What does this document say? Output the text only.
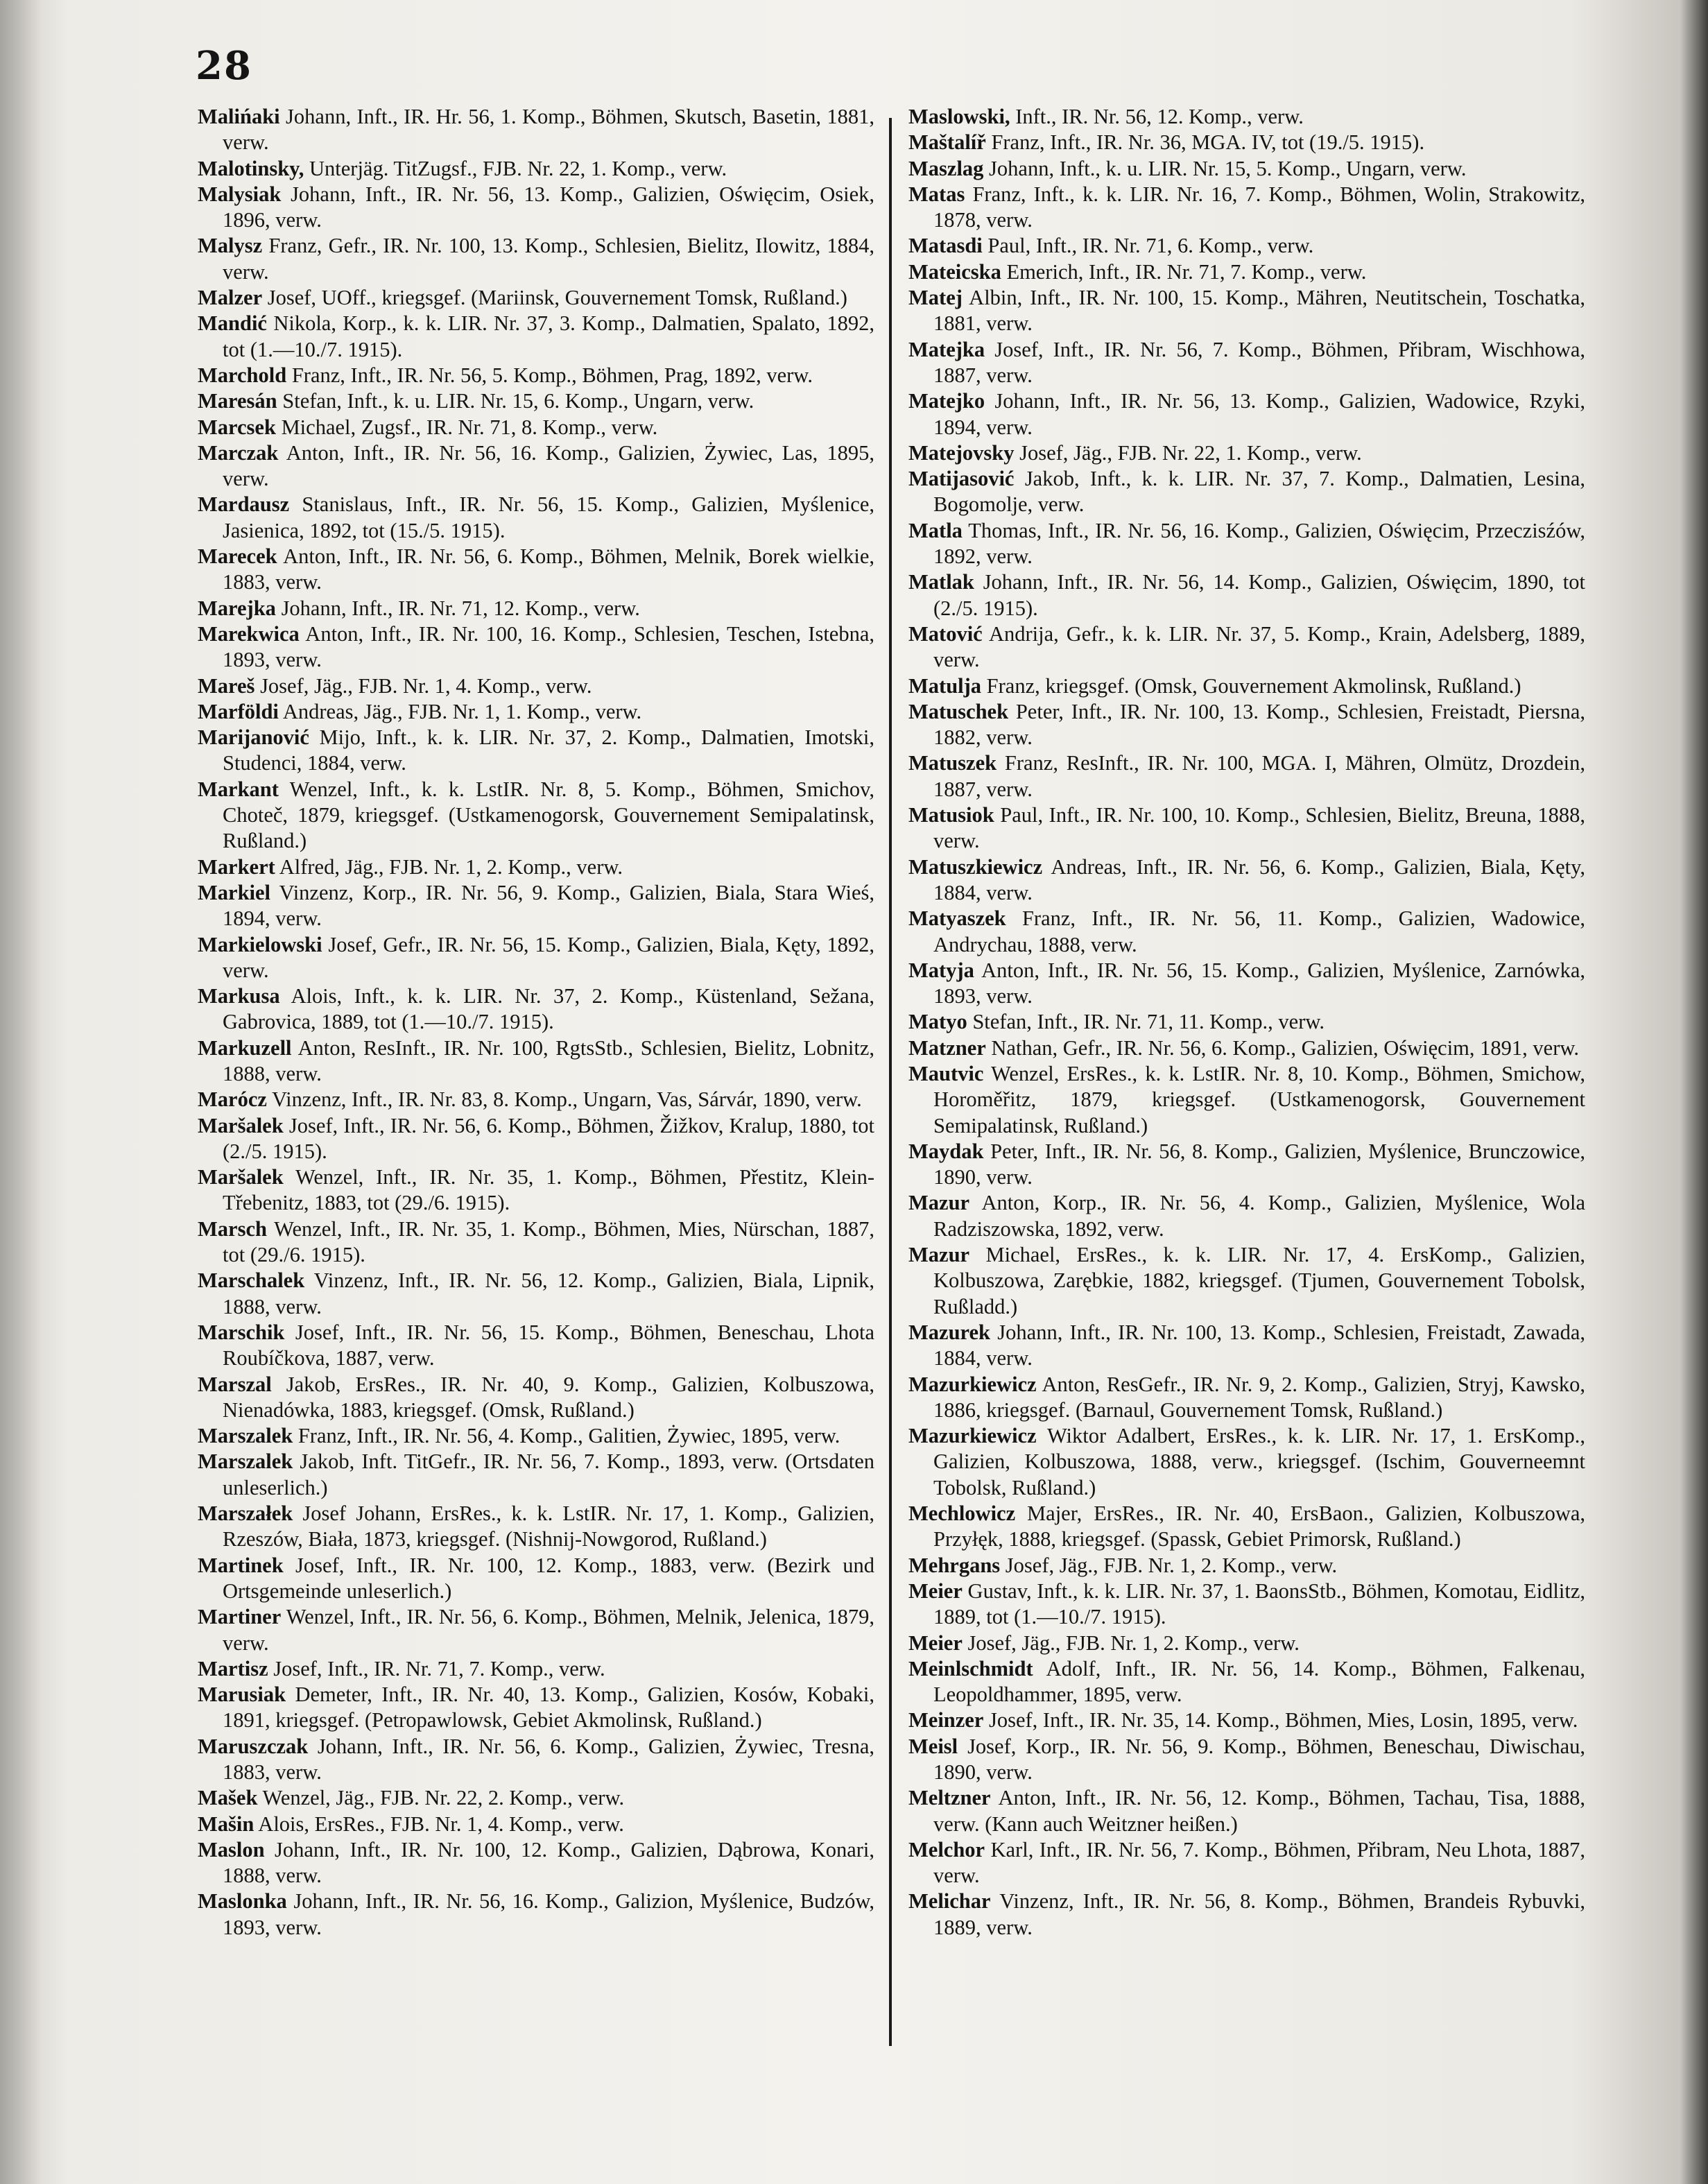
28

Malińaki Johann, Inft., IR. Hr. 56, 1. Komp., Böhmen, Skutsch, Basetin, 1881, verw.

Malotinsky, Unterjäg. TitZugsf., FJB. Nr. 22, 1. Komp., verw.

Malysiak Johann, Inft., IR. Nr. 56, 13. Komp., Galizien, Oświęcim, Osiek, 1896, verw.

Malysz Franz, Gefr., IR. Nr. 100, 13. Komp., Schlesien, Bielitz, Ilowitz, 1884, verw.

Malzer Josef, UOff., kriegsgef. (Mariinsk, Gouvernement Tomsk, Rußland.)

Mandić Nikola, Korp., k. k. LIR. Nr. 37, 3. Komp., Dalmatien, Spalato, 1892, tot (1.—10./7. 1915).

Marchold Franz, Inft., IR. Nr. 56, 5. Komp., Böhmen, Prag, 1892, verw.

Maresán Stefan, Inft., k. u. LIR. Nr. 15, 6. Komp., Ungarn, verw.

Marcsek Michael, Zugsf., IR. Nr. 71, 8. Komp., verw.

Marczak Anton, Inft., IR. Nr. 56, 16. Komp., Galizien, Żywiec, Las, 1895, verw.

Mardausz Stanislaus, Inft., IR. Nr. 56, 15. Komp., Galizien, Myślenice, Jasienica, 1892, tot (15./5. 1915).

Marecek Anton, Inft., IR. Nr. 56, 6. Komp., Böhmen, Melnik, Borek wielkie, 1883, verw.

Marejka Johann, Inft., IR. Nr. 71, 12. Komp., verw.

Marekwica Anton, Inft., IR. Nr. 100, 16. Komp., Schlesien, Teschen, Istebna, 1893, verw.

Mareš Josef, Jäg., FJB. Nr. 1, 4. Komp., verw.

Marföldi Andreas, Jäg., FJB. Nr. 1, 1. Komp., verw.

Marijanović Mijo, Inft., k. k. LIR. Nr. 37, 2. Komp., Dalmatien, Imotski, Studenci, 1884, verw.

Markant Wenzel, Inft., k. k. LstIR. Nr. 8, 5. Komp., Böhmen, Smichov, Choteč, 1879, kriegsgef. (Ustkamenogorsk, Gouvernement Semipalatinsk, Rußland.)

Markert Alfred, Jäg., FJB. Nr. 1, 2. Komp., verw.

Markiel Vinzenz, Korp., IR. Nr. 56, 9. Komp., Galizien, Biala, Stara Wieś, 1894, verw.

Markielowski Josef, Gefr., IR. Nr. 56, 15. Komp., Galizien, Biala, Kęty, 1892, verw.

Markusa Alois, Inft., k. k. LIR. Nr. 37, 2. Komp., Küstenland, Sežana, Gabrovica, 1889, tot (1.—10./7. 1915).

Markuzell Anton, ResInft., IR. Nr. 100, RgtsStb., Schlesien, Bielitz, Lobnitz, 1888, verw.

Marócz Vinzenz, Inft., IR. Nr. 83, 8. Komp., Ungarn, Vas, Sárvár, 1890, verw.

Maršalek Josef, Inft., IR. Nr. 56, 6. Komp., Böhmen, Žižkov, Kralup, 1880, tot (2./5. 1915).

Maršalek Wenzel, Inft., IR. Nr. 35, 1. Komp., Böhmen, Přestitz, Klein-Třebenitz, 1883, tot (29./6. 1915).

Marsch Wenzel, Inft., IR. Nr. 35, 1. Komp., Böhmen, Mies, Nürschan, 1887, tot (29./6. 1915).

Marschalek Vinzenz, Inft., IR. Nr. 56, 12. Komp., Galizien, Biala, Lipnik, 1888, verw.

Marschik Josef, Inft., IR. Nr. 56, 15. Komp., Böhmen, Beneschau, Lhota Roubíčkova, 1887, verw.

Marszal Jakob, ErsRes., IR. Nr. 40, 9. Komp., Galizien, Kolbuszowa, Nienadówka, 1883, kriegsgef. (Omsk, Rußland.)

Marszalek Franz, Inft., IR. Nr. 56, 4. Komp., Galitien, Żywiec, 1895, verw.

Marszalek Jakob, Inft. TitGefr., IR. Nr. 56, 7. Komp., 1893, verw. (Ortsdaten unleserlich.)

Marszałek Josef Johann, ErsRes., k. k. LstIR. Nr. 17, 1. Komp., Galizien, Rzeszów, Biała, 1873, kriegsgef. (Nishnij-Nowgorod, Rußland.)

Martinek Josef, Inft., IR. Nr. 100, 12. Komp., 1883, verw. (Bezirk und Ortsgemeinde unleserlich.)

Martiner Wenzel, Inft., IR. Nr. 56, 6. Komp., Böhmen, Melnik, Jelenica, 1879, verw.

Martisz Josef, Inft., IR. Nr. 71, 7. Komp., verw.

Marusiak Demeter, Inft., IR. Nr. 40, 13. Komp., Galizien, Kosów, Kobaki, 1891, kriegsgef. (Petropawlowsk, Gebiet Akmolinsk, Rußland.)

Maruszczak Johann, Inft., IR. Nr. 56, 6. Komp., Galizien, Żywiec, Tresna, 1883, verw.

Mašek Wenzel, Jäg., FJB. Nr. 22, 2. Komp., verw.

Mašin Alois, ErsRes., FJB. Nr. 1, 4. Komp., verw.

Maslon Johann, Inft., IR. Nr. 100, 12. Komp., Galizien, Dąbrowa, Konari, 1888, verw.

Maslonka Johann, Inft., IR. Nr. 56, 16. Komp., Galizion, Myślenice, Budzów, 1893, verw.

Maslowski, Inft., IR. Nr. 56, 12. Komp., verw.

Maštalíř Franz, Inft., IR. Nr. 36, MGA. IV, tot (19./5. 1915).

Maszlag Johann, Inft., k. u. LIR. Nr. 15, 5. Komp., Ungarn, verw.

Matas Franz, Inft., k. k. LIR. Nr. 16, 7. Komp., Böhmen, Wolin, Strakowitz, 1878, verw.

Matasdi Paul, Inft., IR. Nr. 71, 6. Komp., verw.

Mateicska Emerich, Inft., IR. Nr. 71, 7. Komp., verw.

Matej Albin, Inft., IR. Nr. 100, 15. Komp., Mähren, Neutitschein, Toschatka, 1881, verw.

Matejka Josef, Inft., IR. Nr. 56, 7. Komp., Böhmen, Přibram, Wischhowa, 1887, verw.

Matejko Johann, Inft., IR. Nr. 56, 13. Komp., Galizien, Wadowice, Rzyki, 1894, verw.

Matejovsky Josef, Jäg., FJB. Nr. 22, 1. Komp., verw.

Matijasović Jakob, Inft., k. k. LIR. Nr. 37, 7. Komp., Dalmatien, Lesina, Bogomolje, verw.

Matla Thomas, Inft., IR. Nr. 56, 16. Komp., Galizien, Oświęcim, Przeczisźów, 1892, verw.

Matlak Johann, Inft., IR. Nr. 56, 14. Komp., Galizien, Oświęcim, 1890, tot (2./5. 1915).

Matović Andrija, Gefr., k. k. LIR. Nr. 37, 5. Komp., Krain, Adelsberg, 1889, verw.

Matulja Franz, kriegsgef. (Omsk, Gouvernement Akmolinsk, Rußland.)

Matuschek Peter, Inft., IR. Nr. 100, 13. Komp., Schlesien, Freistadt, Piersna, 1882, verw.

Matuszek Franz, ResInft., IR. Nr. 100, MGA. I, Mähren, Olmütz, Drozdein, 1887, verw.

Matusiok Paul, Inft., IR. Nr. 100, 10. Komp., Schlesien, Bielitz, Breuna, 1888, verw.

Matuszkiewicz Andreas, Inft., IR. Nr. 56, 6. Komp., Galizien, Biala, Kęty, 1884, verw.

Matyaszek Franz, Inft., IR. Nr. 56, 11. Komp., Galizien, Wadowice, Andrychau, 1888, verw.

Matyja Anton, Inft., IR. Nr. 56, 15. Komp., Galizien, Myślenice, Zarnówka, 1893, verw.

Matyo Stefan, Inft., IR. Nr. 71, 11. Komp., verw.

Matzner Nathan, Gefr., IR. Nr. 56, 6. Komp., Galizien, Oświęcim, 1891, verw.

Mautvic Wenzel, ErsRes., k. k. LstIR. Nr. 8, 10. Komp., Böhmen, Smichow, Horoměřitz, 1879, kriegsgef. (Ustkamenogorsk, Gouvernement Semipalatinsk, Rußland.)

Maydak Peter, Inft., IR. Nr. 56, 8. Komp., Galizien, Myślenice, Brunczowice, 1890, verw.

Mazur Anton, Korp., IR. Nr. 56, 4. Komp., Galizien, Myślenice, Wola Radziszowska, 1892, verw.

Mazur Michael, ErsRes., k. k. LIR. Nr. 17, 4. ErsKomp., Galizien, Kolbuszowa, Zarębkie, 1882, kriegsgef. (Tjumen, Gouvernement Tobolsk, Rußladd.)

Mazurek Johann, Inft., IR. Nr. 100, 13. Komp., Schlesien, Freistadt, Zawada, 1884, verw.

Mazurkiewicz Anton, ResGefr., IR. Nr. 9, 2. Komp., Galizien, Stryj, Kawsko, 1886, kriegsgef. (Barnaul, Gouvernement Tomsk, Rußland.)

Mazurkiewicz Wiktor Adalbert, ErsRes., k. k. LIR. Nr. 17, 1. ErsKomp., Galizien, Kolbuszowa, 1888, verw., kriegsgef. (Ischim, Gouverneemnt Tobolsk, Rußland.)

Mechlowicz Majer, ErsRes., IR. Nr. 40, ErsBaon., Galizien, Kolbuszowa, Przyłęk, 1888, kriegsgef. (Spassk, Gebiet Primorsk, Rußland.)

Mehrgans Josef, Jäg., FJB. Nr. 1, 2. Komp., verw.

Meier Gustav, Inft., k. k. LIR. Nr. 37, 1. BaonsStb., Böhmen, Komotau, Eidlitz, 1889, tot (1.—10./7. 1915).

Meier Josef, Jäg., FJB. Nr. 1, 2. Komp., verw.

Meinlschmidt Adolf, Inft., IR. Nr. 56, 14. Komp., Böhmen, Falkenau, Leopoldhammer, 1895, verw.

Meinzer Josef, Inft., IR. Nr. 35, 14. Komp., Böhmen, Mies, Losin, 1895, verw.

Meisl Josef, Korp., IR. Nr. 56, 9. Komp., Böhmen, Beneschau, Diwischau, 1890, verw.

Meltzner Anton, Inft., IR. Nr. 56, 12. Komp., Böhmen, Tachau, Tisa, 1888, verw. (Kann auch Weitzner heißen.)

Melchor Karl, Inft., IR. Nr. 56, 7. Komp., Böhmen, Přibram, Neu Lhota, 1887, verw.

Melichar Vinzenz, Inft., IR. Nr. 56, 8. Komp., Böhmen, Brandeis Rybuvki, 1889, verw.
